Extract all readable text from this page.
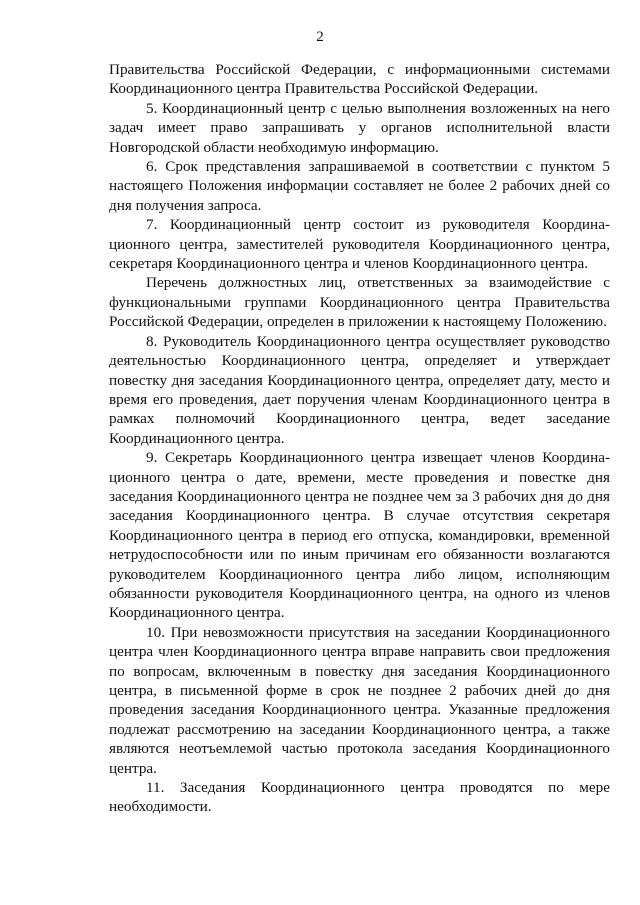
2

Правительства Российской Федерации, с информационными системами Координационного центра Правительства Российской Федерации.

5. Координационный центр с целью выполнения возложенных на него задач имеет право запрашивать у органов исполнительной власти Новгородской области необходимую информацию.

6. Срок представления запрашиваемой в соответствии с пунктом 5 настоящего Положения информации составляет не более 2 рабочих дней со дня получения запроса.

7. Координационный центр состоит из руководителя Координационного центра, заместителей руководителя Координационного центра, секретаря Координационного центра и членов Координационного центра.

Перечень должностных лиц, ответственных за взаимодействие с функциональными группами Координационного центра Правительства Российской Федерации, определен в приложении к настоящему Положению.

8. Руководитель Координационного центра осуществляет руководство деятельностью Координационного центра, определяет и утверждает повестку дня заседания Координационного центра, определяет дату, место и время его проведения, дает поручения членам Координационного центра в рамках полномочий Координационного центра, ведет заседание Координационного центра.

9. Секретарь Координационного центра извещает членов Координационного центра о дате, времени, месте проведения и повестке дня заседания Координационного центра не позднее чем за 3 рабочих дня до дня заседания Координационного центра. В случае отсутствия секретаря Координационного центра в период его отпуска, командировки, временной нетрудоспособности или по иным причинам его обязанности возлагаются руководителем Координационного центра либо лицом, исполняющим обязанности руководителя Координационного центра, на одного из членов Координационного центра.

10. При невозможности присутствия на заседании Координационного центра член Координационного центра вправе направить свои предложения по вопросам, включенным в повестку дня заседания Координационного центра, в письменной форме в срок не позднее 2 рабочих дней до дня проведения заседания Координационного центра. Указанные предложения подлежат рассмотрению на заседании Координационного центра, а также являются неотъемлемой частью протокола заседания Координационного центра.

11. Заседания Координационного центра проводятся по мере необходимости.
